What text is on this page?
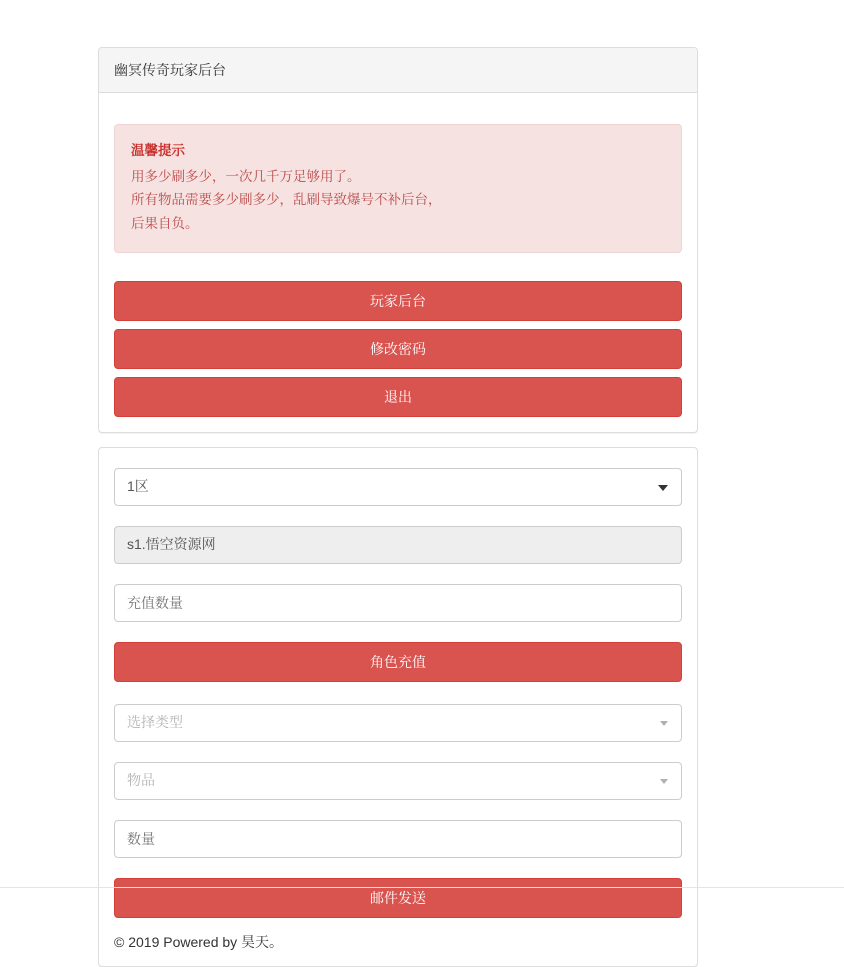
幽冥传奇玩家后台
温馨提示
用多少刷多少，一次几千万足够用了。
所有物品需要多少刷多少，乱刷导致爆号不补后台，
后果自负。
玩家后台
修改密码
退出
1区
s1.悟空资源网
充值数量
角色充值
选择类型
物品
数量
邮件发送
© 2019 Powered by 昊天。
